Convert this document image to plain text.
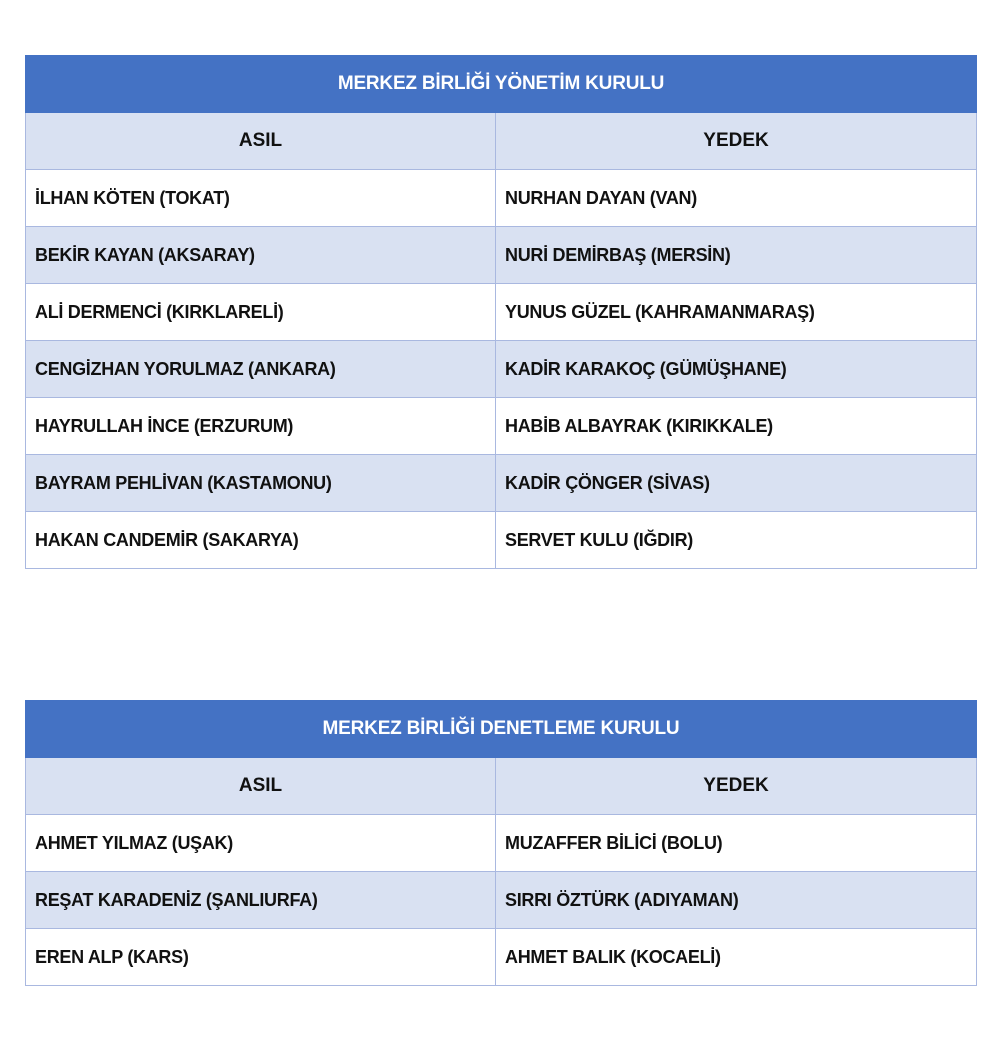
MERKEZ BİRLİĞİ YÖNETİM KURULU	
ASIL	YEDEK
İLHAN KÖTEN (TOKAT)	NURHAN DAYAN (VAN)
BEKİR KAYAN (AKSARAY)	NURİ DEMİRBAŞ (MERSİN)
ALİ DERMENCİ (KIRKLARELİ)	YUNUS GÜZEL (KAHRAMANMARAŞ)
CENGİZHAN YORULMAZ (ANKARA)	KADİR KARAKOÇ (GÜMÜŞHANE)
HAYRULLAH İNCE (ERZURUM)	HABİB ALBAYRAK (KIRIKKALE)
BAYRAM PEHLİVAN (KASTAMONU)	KADİR ÇÖNGER (SİVAS)
HAKAN CANDEMİR (SAKARYA)	SERVET KULU (IĞDIR)
MERKEZ BİRLİĞİ DENETLEME KURULU	
ASIL	YEDEK
AHMET YILMAZ (UŞAK)	MUZAFFER BİLİCİ (BOLU)
REŞAT KARADENİZ (ŞANLIURFA)	SIRRI ÖZTÜRK (ADIYAMAN)
EREN ALP (KARS)	AHMET BALIK (KOCAELİ)
